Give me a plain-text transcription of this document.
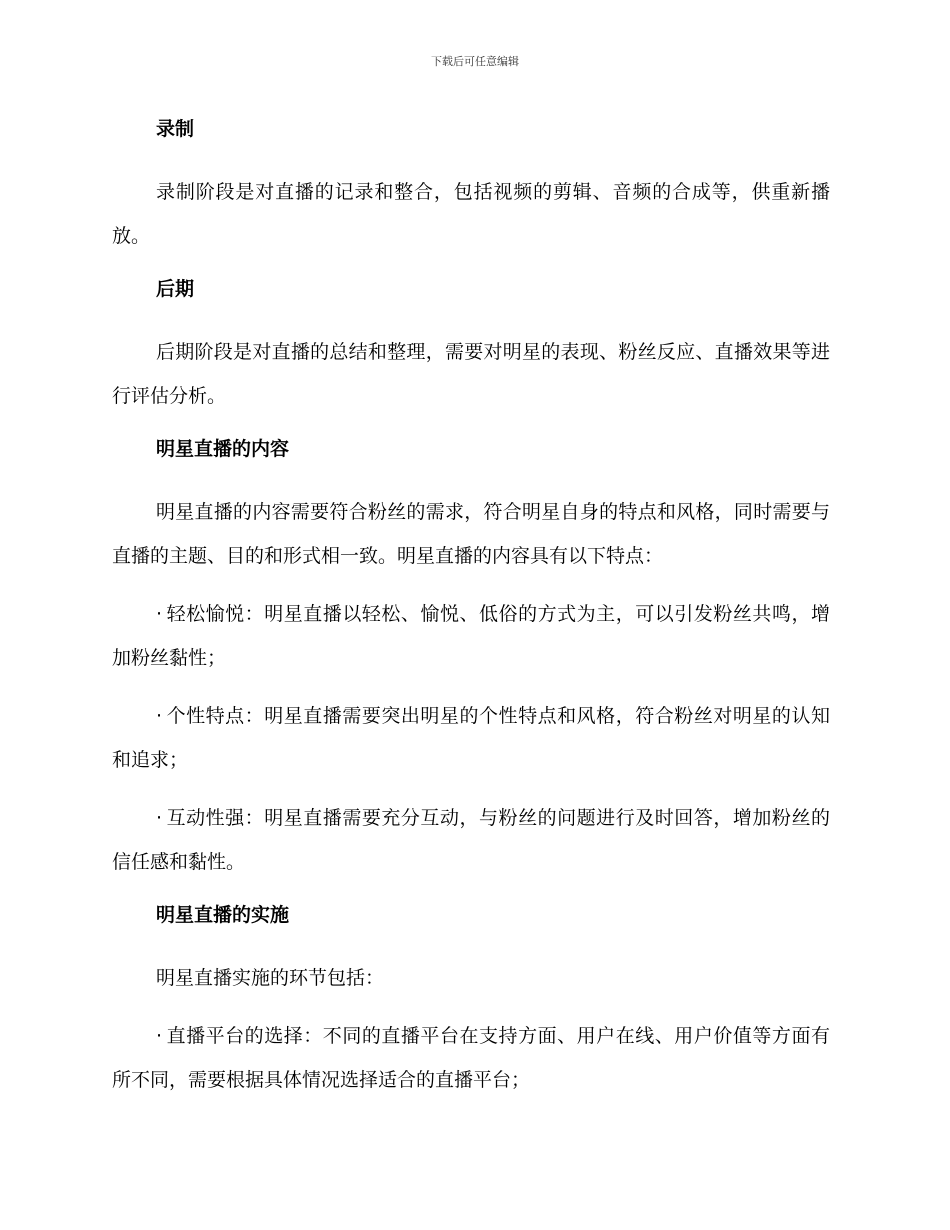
下载后可任意编辑
录制
录制阶段是对直播的记录和整合，包括视频的剪辑、音频的合成等，供重新播放。
后期
后期阶段是对直播的总结和整理，需要对明星的表现、粉丝反应、直播效果等进行评估分析。
明星直播的内容
明星直播的内容需要符合粉丝的需求，符合明星自身的特点和风格，同时需要与直播的主题、目的和形式相一致。明星直播的内容具有以下特点：
· 轻松愉悦：明星直播以轻松、愉悦、低俗的方式为主，可以引发粉丝共鸣，增加粉丝黏性；
· 个性特点：明星直播需要突出明星的个性特点和风格，符合粉丝对明星的认知和追求；
· 互动性强：明星直播需要充分互动，与粉丝的问题进行及时回答，增加粉丝的信任感和黏性。
明星直播的实施
明星直播实施的环节包括：
· 直播平台的选择：不同的直播平台在支持方面、用户在线、用户价值等方面有所不同，需要根据具体情况选择适合的直播平台；
